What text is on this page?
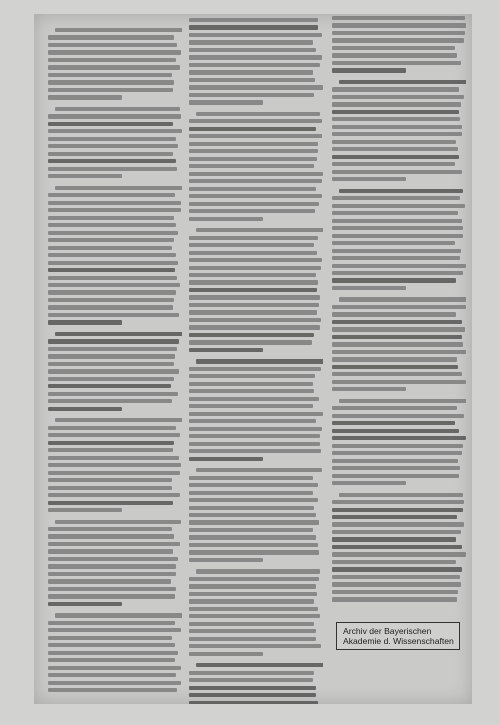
Archiv der Bayerischen
Akademie d. Wissenschaften
